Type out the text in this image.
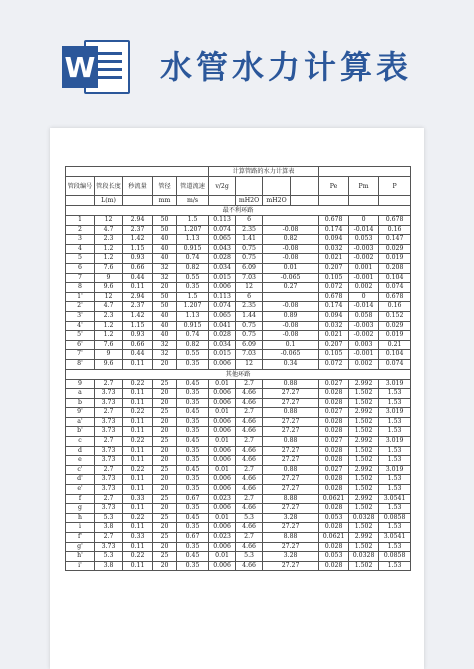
W 水管水力计算表
					计算管路的水力计算表						
管段编号	管段长度	秒流量	管径	管道流速	v/2g				Pe	Pm	P
	L(m)		mm	m/s		mH2O	mH2O				
最不利环路											
1	12	2.94	50	1.5	0.113	6			0.678	0	0.678
2	4.7	2.37	50	1.207	0.074	2.35	-0.08		0.174	-0.014	0.16
3	2.3	1.42	40	1.13	0.065	1.41	0.82		0.094	0.053	0.147
4	1.2	1.15	40	0.915	0.043	0.75	-0.08		0.032	-0.003	0.029
5	1.2	0.93	40	0.74	0.028	0.75	-0.08		0.021	-0.002	0.019
6	7.6	0.66	32	0.82	0.034	6.09	0.01		0.207	0.001	0.208
7	9	0.44	32	0.55	0.015	7.03	-0.065		0.105	-0.001	0.104
8	9.6	0.11	20	0.35	0.006	12	0.27		0.072	0.002	0.074
1'	12	2.94	50	1.5	0.113	6			0.678	0	0.678
2'	4.7	2.37	50	1.207	0.074	2.35	-0.08		0.174	-0.014	0.16
3'	2.3	1.42	40	1.13	0.065	1.44	0.89		0.094	0.058	0.152
4'	1.2	1.15	40	0.915	0.041	0.75	-0.08		0.032	-0.003	0.029
5'	1.2	0.93	40	0.74	0.028	0.75	-0.08		0.021	-0.002	0.019
6'	7.6	0.66	32	0.82	0.034	6.09	0.1		0.207	0.003	0.21
7'	9	0.44	32	0.55	0.015	7.03	-0.065		0.105	-0.001	0.104
8'	9.6	0.11	20	0.35	0.006	12	0.34		0.072	0.002	0.074
其他环路											
9	2.7	0.22	25	0.45	0.01	2.7	0.88		0.027	2.992	3.019
a	3.73	0.11	20	0.35	0.006	4.66	27.27		0.028	1.502	1.53
b	3.73	0.11	20	0.35	0.006	4.66	27.27		0.028	1.502	1.53
9'	2.7	0.22	25	0.45	0.01	2.7	0.88		0.027	2.992	3.019
a'	3.73	0.11	20	0.35	0.006	4.66	27.27		0.028	1.502	1.53
b'	3.73	0.11	20	0.35	0.006	4.66	27.27		0.028	1.502	1.53
c	2.7	0.22	25	0.45	0.01	2.7	0.88		0.027	2.992	3.019
d	3.73	0.11	20	0.35	0.006	4.66	27.27		0.028	1.502	1.53
e	3.73	0.11	20	0.35	0.006	4.66	27.27		0.028	1.502	1.53
c'	2.7	0.22	25	0.45	0.01	2.7	0.88		0.027	2.992	3.019
d'	3.73	0.11	20	0.35	0.006	4.66	27.27		0.028	1.502	1.53
e'	3.73	0.11	20	0.35	0.006	4.66	27.27		0.028	1.502	1.53
f	2.7	0.33	25	0.67	0.023	2.7	8.88		0.0621	2.992	3.0541
g	3.73	0.11	20	0.35	0.006	4.66	27.27		0.028	1.502	1.53
h	5.3	0.22	25	0.45	0.01	5.3	3.28		0.053	0.0328	0.0858
i	3.8	0.11	20	0.35	0.006	4.66	27.27		0.028	1.502	1.53
f'	2.7	0.33	25	0.67	0.023	2.7	8.88		0.0621	2.992	3.0541
g'	3.73	0.11	20	0.35	0.006	4.66	27.27		0.028	1.502	1.53
h'	5.3	0.22	25	0.45	0.01	5.3	3.28		0.053	0.0328	0.0858
i'	3.8	0.11	20	0.35	0.006	4.66	27.27		0.028	1.502	1.53
